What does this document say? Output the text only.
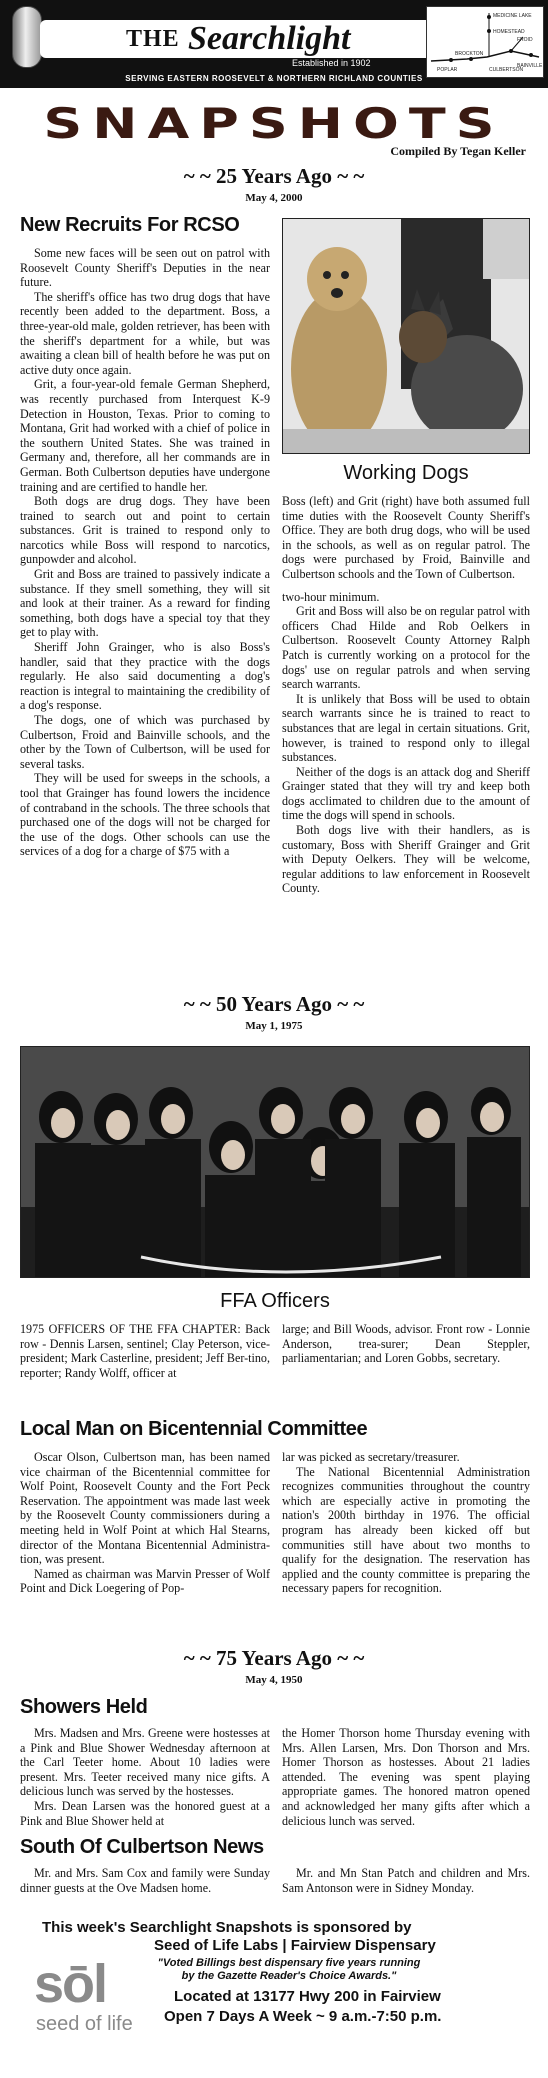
THE Searchlight
Established in 1902
MEDICINE LAKE
HOMESTEAD
FROID
BAINVILLE
CULBERTSON
BROCKTON
POPLAR
SERVING EASTERN ROOSEVELT & NORTHERN RICHLAND COUNTIES
SNAPSHOTS
Compiled By Tegan Keller
~ ~ 25 Years Ago ~ ~
May 4, 2000
New Recruits For RCSO

Some new faces will be seen out on patrol with Roosevelt County Sheriff's Deputies in the near future.

The sheriff's office has two drug dogs that have recently been added to the department. Boss, a three-year-old male, golden retriever, has been with the sheriff's department for a while, but was awaiting a clean bill of health before he was put on active duty once again.

Grit, a four-year-old female German Shepherd, was recently purchased from Interquest K-9 Detection in Houston, Texas. Prior to coming to Montana, Grit had worked with a chief of police in the southern United States. She was trained in Germany and, therefore, all her commands are in German. Both Culbertson deputies have undergone training and are certified to handle her.

Both dogs are drug dogs. They have been trained to search out and point to certain substances. Grit is trained to respond only to narcotics while Boss will respond to narcotics, gunpowder and alcohol.

Grit and Boss are trained to passively indicate a substance. If they smell something, they will sit and look at their trainer. As a reward for finding something, both dogs have a special toy that they get to play with.

Sheriff John Grainger, who is also Boss's handler, said that they practice with the dogs regularly. He also said documenting a dog's reaction is integral to maintaining the credibility of a dog's response.

The dogs, one of which was purchased by Culbertson, Froid and Bainville schools, and the other by the Town of Culbertson, will be used for several tasks.

They will be used for sweeps in the schools, a tool that Grainger has found lowers the incidence of contraband in the schools. The three schools that purchased one of the dogs will not be charged for the use of the dogs. Other schools can use the services of a dog for a charge of $75 with a

Working Dogs

Boss (left) and Grit (right) have both assumed full time duties with the Roosevelt County Sheriff's Office. They are both drug dogs, who will be used in the schools, as well as on regular patrol. The dogs were purchased by Froid, Bainville and Culbertson schools and the Town of Culbertson.

two-hour minimum.

Grit and Boss will also be on regular patrol with officers Chad Hilde and Rob Oelkers in Culbertson. Roosevelt County Attorney Ralph Patch is currently working on a protocol for the dogs' use on regular patrols and when serving search warrants.

It is unlikely that Boss will be used to obtain search warrants since he is trained to react to substances that are legal in certain situations. Grit, however, is trained to respond only to illegal substances.

Neither of the dogs is an attack dog and Sheriff Grainger stated that they will try and keep both dogs acclimated to children due to the amount of time the dogs will spend in schools.

Both dogs live with their handlers, as is customary, Boss with Sheriff Grainger and Grit with Deputy Oelkers. They will be welcome, regular additions to law enforcement in Roosevelt County.

~ ~ 50 Years Ago ~ ~
May 1, 1975
FFA Officers

1975 OFFICERS OF THE FFA CHAPTER: Back row - Dennis Larsen, sentinel; Clay Peterson, vice-president; Mark Casterline, president; Jeff Ber-tino, reporter; Randy Wolff, officer at

large; and Bill Woods, advisor. Front row - Lonnie Anderson, trea-surer; Dean Steppler, parliamentarian; and Loren Gobbs, secretary.

Local Man on Bicentennial Committee

Oscar Olson, Culbertson man, has been named vice chairman of the Bicentennial committee for Wolf Point, Roosevelt County and the Fort Peck Reservation. The appointment was made last week by the Roosevelt County commissioners during a meeting held in Wolf Point at which Hal Stearns, director of the Montana Bicentennial Administra-tion, was present.

Named as chairman was Marvin Presser of Wolf Point and Dick Loegering of Pop-

lar was picked as secretary/treasurer.

The National Bicentennial Administration recognizes communities throughout the country which are especially active in promoting the nation's 200th birthday in 1976. The official program has already been kicked off but communities still have about two months to qualify for the designation. The reservation has applied and the county committee is preparing the necessary papers for recognition.

~ ~ 75 Years Ago ~ ~
May 4, 1950
Showers Held

Mrs. Madsen and Mrs. Greene were hostesses at a Pink and Blue Shower Wednesday afternoon at the Carl Teeter home. About 10 ladies were present. Mrs. Teeter received many nice gifts. A delicious lunch was served by the hostesses.

Mrs. Dean Larsen was the honored guest at a Pink and Blue Shower held at

the Homer Thorson home Thursday evening with Mrs. Allen Larsen, Mrs. Don Thorson and Mrs. Homer Thorson as hostesses. About 21 ladies attended. The evening was spent playing appropriate games. The honored matron opened and acknowledged her many gifts after which a delicious lunch was served.

South Of Culbertson News

Mr. and Mrs. Sam Cox and family were Sunday dinner guests at the Ove Madsen home.

Mr. and Mn Stan Patch and children and Mrs. Sam Antonson were in Sidney Monday.

This week's Searchlight Snapshots is sponsored by
Seed of Life Labs | Fairview Dispensary
"Voted Billings best dispensary five years running by the Gazette Reader's Choice Awards."
Located at 13177 Hwy 200 in Fairview
Open 7 Days A Week ~ 9 a.m.-7:50 p.m.
sōl
seed of life
